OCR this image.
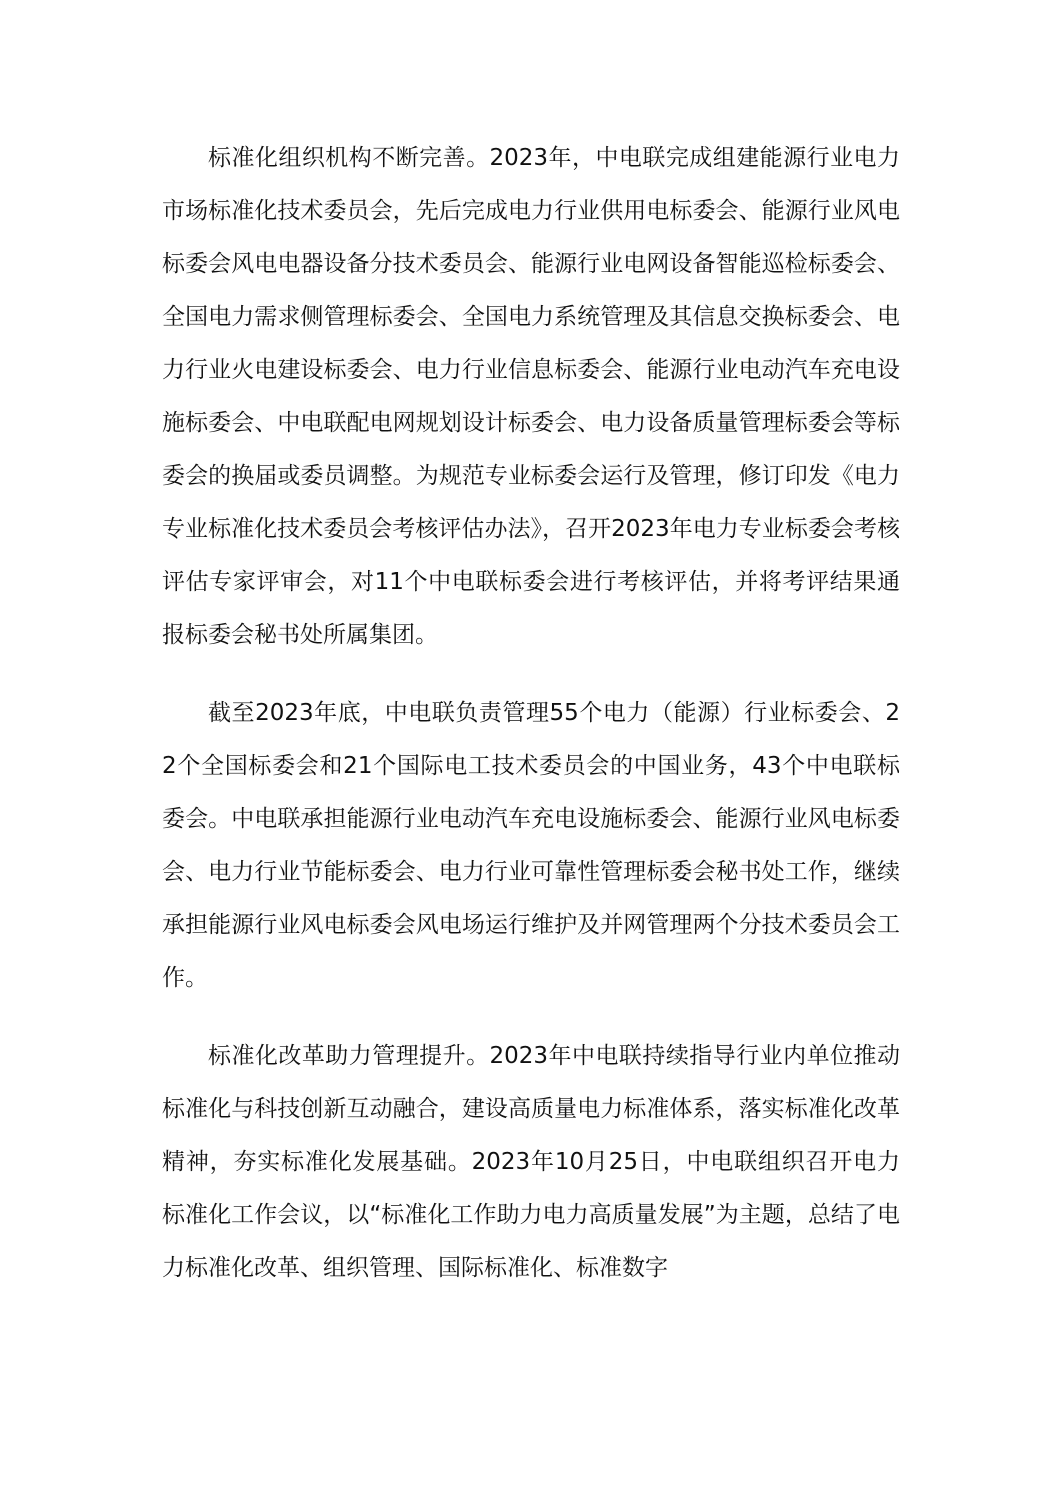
标准化组织机构不断完善。2023年，中电联完成组建能源行业电力市场标准化技术委员会，先后完成电力行业供用电标委会、能源行业风电标委会风电电器设备分技术委员会、能源行业电网设备智能巡检标委会、全国电力需求侧管理标委会、全国电力系统管理及其信息交换标委会、电力行业火电建设标委会、电力行业信息标委会、能源行业电动汽车充电设施标委会、中电联配电网规划设计标委会、电力设备质量管理标委会等标委会的换届或委员调整。为规范专业标委会运行及管理，修订印发《电力专业标准化技术委员会考核评估办法》，召开2023年电力专业标委会考核评估专家评审会，对11个中电联标委会进行考核评估，并将考评结果通报标委会秘书处所属集团。

截至2023年底，中电联负责管理55个电力（能源）行业标委会、22个全国标委会和21个国际电工技术委员会的中国业务，43个中电联标委会。中电联承担能源行业电动汽车充电设施标委会、能源行业风电标委会、电力行业节能标委会、电力行业可靠性管理标委会秘书处工作，继续承担能源行业风电标委会风电场运行维护及并网管理两个分技术委员会工作。

标准化改革助力管理提升。2023年中电联持续指导行业内单位推动标准化与科技创新互动融合，建设高质量电力标准体系，落实标准化改革精神，夯实标准化发展基础。2023年10月25日，中电联组织召开电力标准化工作会议，以“标准化工作助力电力高质量发展”为主题，总结了电力标准化改革、组织管理、国际标准化、标准数字
